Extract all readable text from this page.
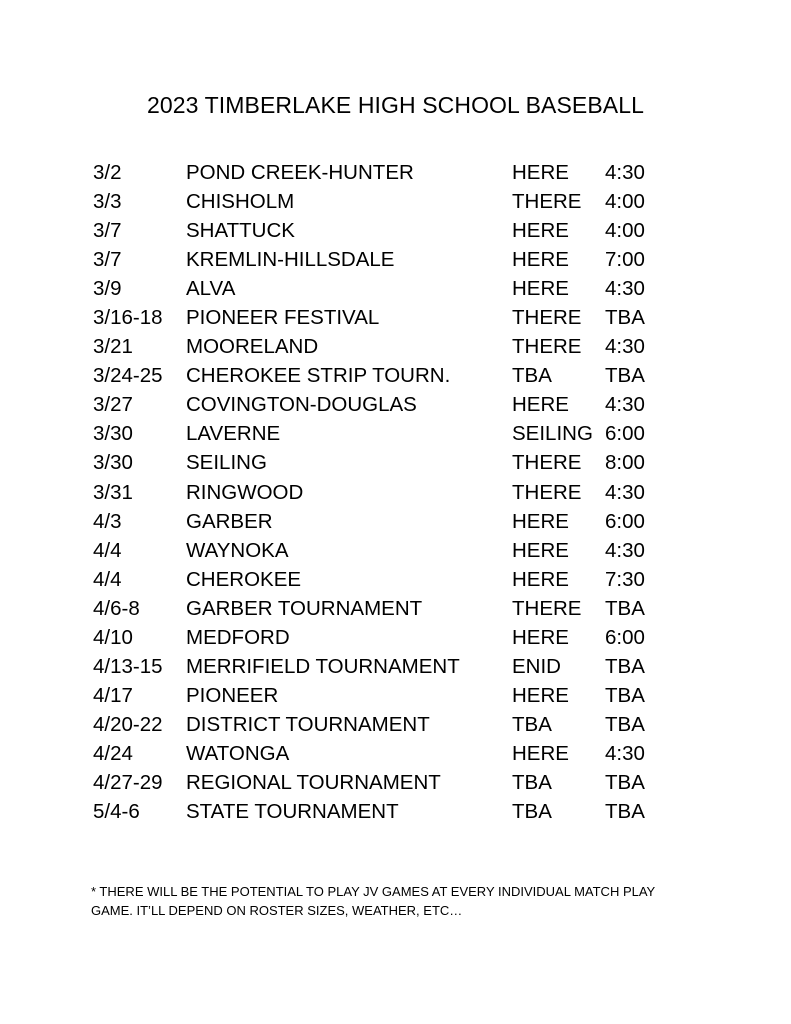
2023 TIMBERLAKE HIGH SCHOOL BASEBALL
3/2	POND CREEK-HUNTER	HERE 4:30
3/3	CHISHOLM	THERE 4:00
3/7	SHATTUCK	HERE 4:00
3/7	KREMLIN-HILLSDALE	HERE 7:00
3/9	ALVA	HERE 4:30
3/16-18 PIONEER FESTIVAL	THERE TBA
3/21	MOORELAND	THERE 4:30
3/24-25 CHEROKEE STRIP TOURN.	TBA	TBA
3/27	COVINGTON-DOUGLAS	HERE 4:30
3/30	LAVERNE	SEILING 6:00
3/30	SEILING	THERE 8:00
3/31	RINGWOOD	THERE 4:30
4/3	GARBER	HERE 6:00
4/4	WAYNOKA	HERE 4:30
4/4	CHEROKEE	HERE 7:30
4/6-8 GARBER TOURNAMENT	THERE TBA
4/10	MEDFORD	HERE 6:00
4/13-15 MERRIFIELD TOURNAMENT	ENID TBA
4/17	PIONEER	HERE TBA
4/20-22 DISTRICT TOURNAMENT	TBA	TBA
4/24	WATONGA	HERE 4:30
4/27-29 REGIONAL TOURNAMENT	TBA	TBA
5/4-6 STATE TOURNAMENT	TBA	TBA
* THERE WILL BE THE POTENTIAL TO PLAY JV GAMES AT EVERY INDIVIDUAL MATCH PLAY
GAME. IT’LL DEPEND ON ROSTER SIZES, WEATHER, ETC…
